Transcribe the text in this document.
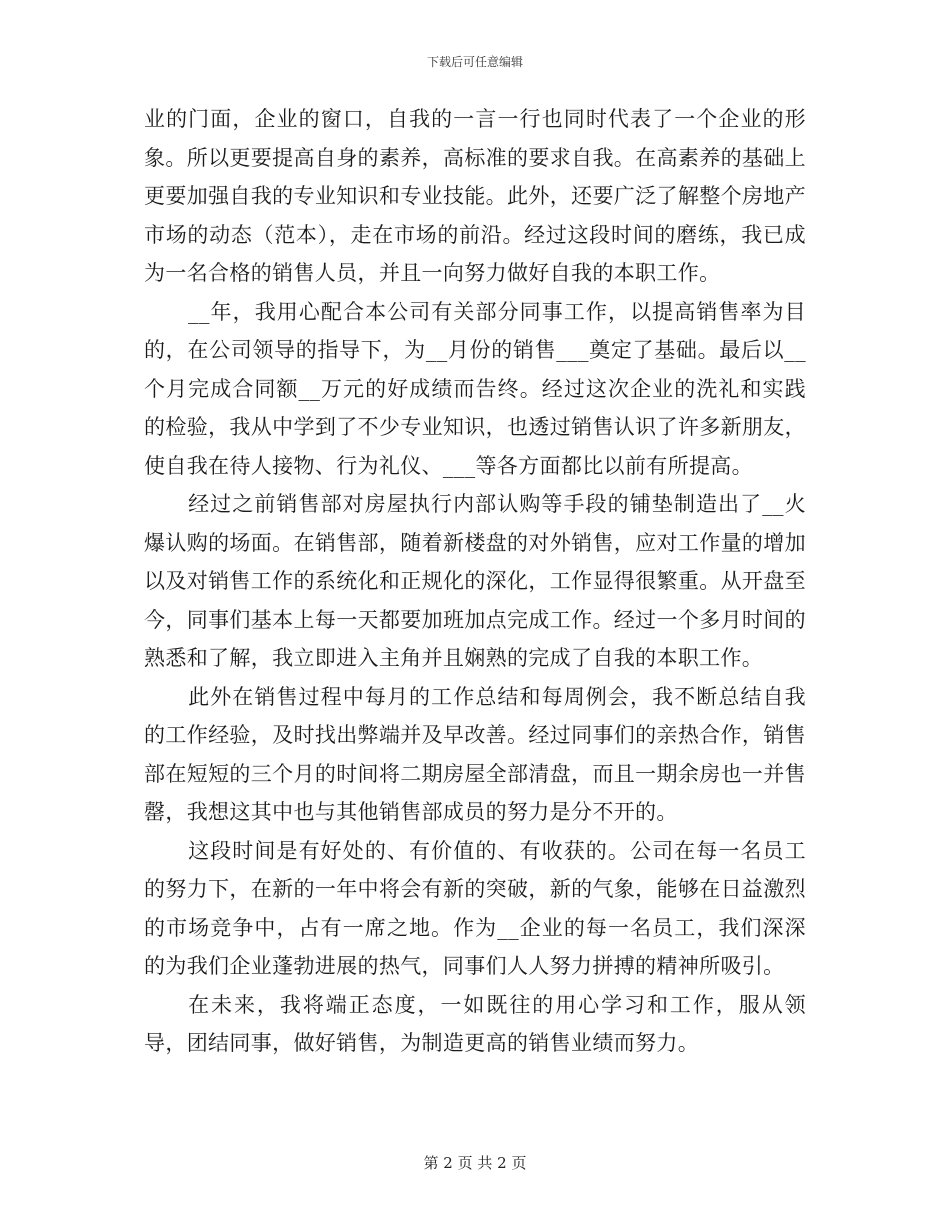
下载后可任意编辑

业的门面，企业的窗口，自我的一言一行也同时代表了一个企业的形象。所以更要提高自身的素养，高标准的要求自我。在高素养的基础上更要加强自我的专业知识和专业技能。此外，还要广泛了解整个房地产市场的动态（范本），走在市场的前沿。经过这段时间的磨练，我已成为一名合格的销售人员，并且一向努力做好自我的本职工作。

__年，我用心配合本公司有关部分同事工作，以提高销售率为目的，在公司领导的指导下，为__月份的销售___奠定了基础。最后以__个月完成合同额__万元的好成绩而告终。经过这次企业的洗礼和实践的检验，我从中学到了不少专业知识，也透过销售认识了许多新朋友，使自我在待人接物、行为礼仪、___等各方面都比以前有所提高。

经过之前销售部对房屋执行内部认购等手段的铺垫制造出了__火爆认购的场面。在销售部，随着新楼盘的对外销售，应对工作量的增加以及对销售工作的系统化和正规化的深化，工作显得很繁重。从开盘至今，同事们基本上每一天都要加班加点完成工作。经过一个多月时间的熟悉和了解，我立即进入主角并且娴熟的完成了自我的本职工作。

此外在销售过程中每月的工作总结和每周例会，我不断总结自我的工作经验，及时找出弊端并及早改善。经过同事们的亲热合作，销售部在短短的三个月的时间将二期房屋全部清盘，而且一期余房也一并售罄，我想这其中也与其他销售部成员的努力是分不开的。

这段时间是有好处的、有价值的、有收获的。公司在每一名员工的努力下，在新的一年中将会有新的突破，新的气象，能够在日益激烈的市场竞争中，占有一席之地。作为__企业的每一名员工，我们深深的为我们企业蓬勃进展的热气，同事们人人努力拼搏的精神所吸引。

在未来，我将端正态度，一如既往的用心学习和工作，服从领导，团结同事，做好销售，为制造更高的销售业绩而努力。

第 2 页 共 2 页
